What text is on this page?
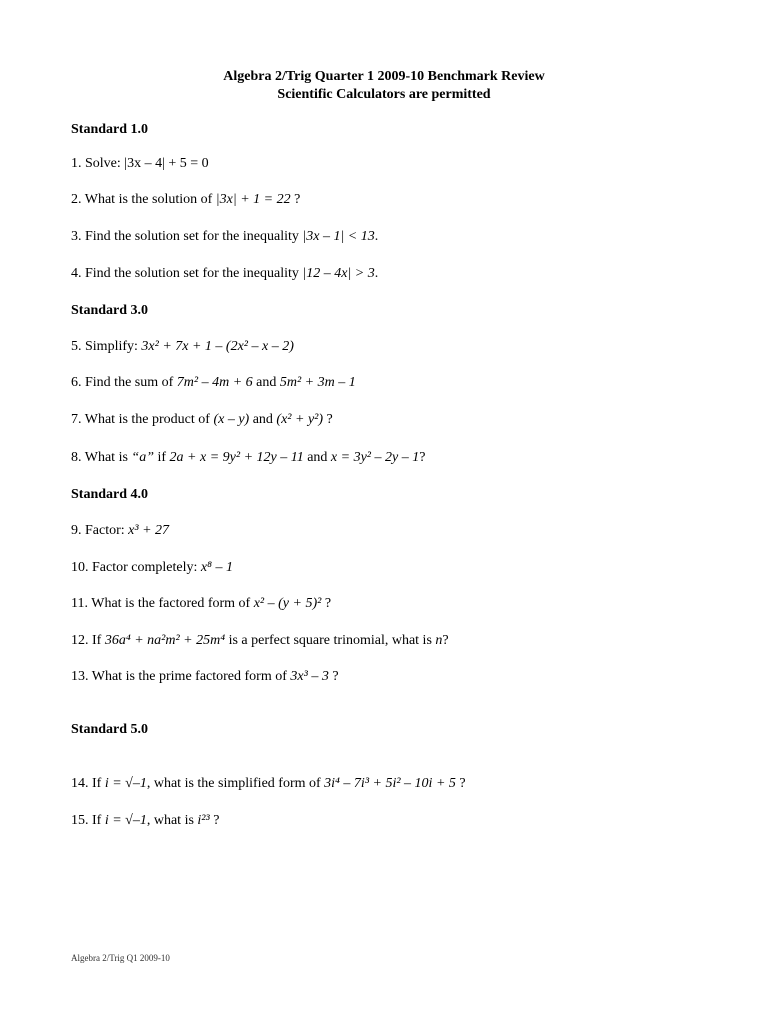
Algebra 2/Trig Quarter 1 2009-10 Benchmark Review
Scientific Calculators are permitted
Standard 1.0
1. Solve: |3x – 4| + 5 = 0
2. What is the solution of |3x| + 1 = 22 ?
3. Find the solution set for the inequality |3x – 1| < 13.
4. Find the solution set for the inequality |12 – 4x| > 3.
Standard 3.0
5. Simplify: 3x² + 7x + 1 – (2x² – x – 2)
6. Find the sum of 7m² – 4m + 6 and 5m² + 3m – 1
7. What is the product of (x – y) and (x² + y²) ?
8. What is “a” if 2a + x = 9y² + 12y – 11 and x = 3y² – 2y – 1?
Standard 4.0
9. Factor: x³ + 27
10. Factor completely: x⁸ – 1
11. What is the factored form of x² – (y + 5)² ?
12. If 36a⁴ + na²m² + 25m⁴ is a perfect square trinomial, what is n?
13. What is the prime factored form of 3x³ – 3 ?
Standard 5.0
14. If i = √–1, what is the simplified form of 3i⁴ – 7i³ + 5i² – 10i + 5 ?
15. If i = √–1, what is i²³ ?
Algebra 2/Trig Q1 2009-10
